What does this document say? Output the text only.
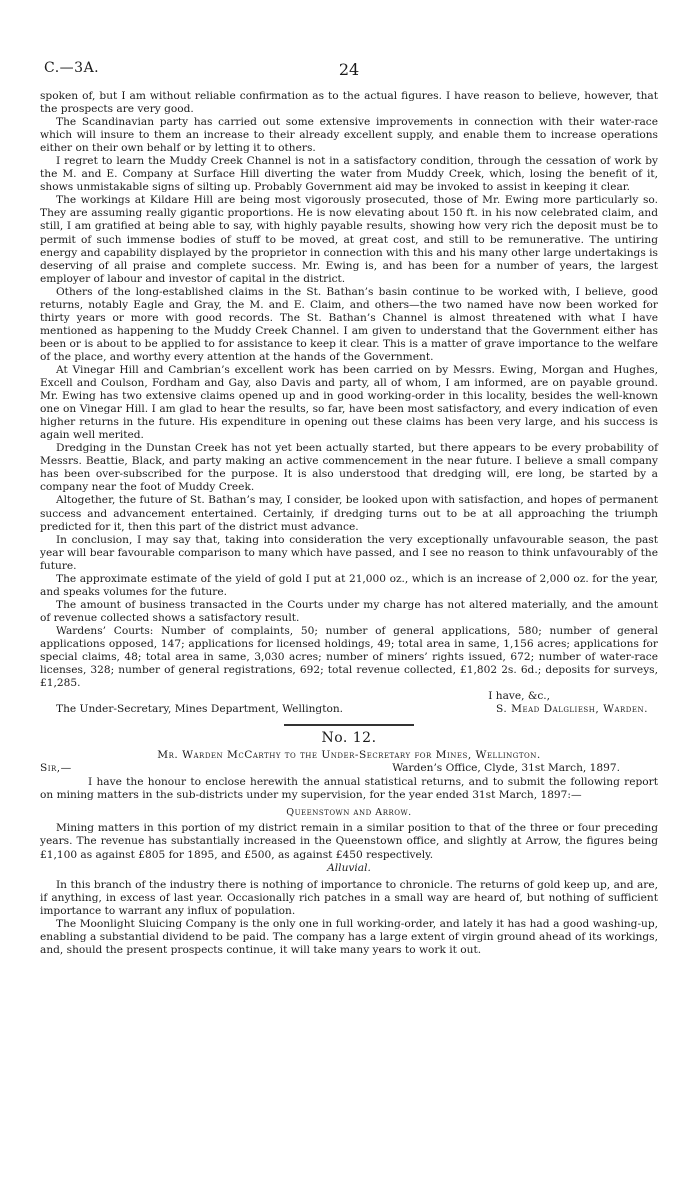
C.—3A.	24

spoken of, but I am without reliable confirmation as to the actual figures. I have reason to believe, however, that the prospects are very good.

The Scandinavian party has carried out some extensive improvements in connection with their water-race which will insure to them an increase to their already excellent supply, and enable them to increase operations either on their own behalf or by letting it to others.

I regret to learn the Muddy Creek Channel is not in a satisfactory condition, through the cessation of work by the M. and E. Company at Surface Hill diverting the water from Muddy Creek, which, losing the benefit of it, shows unmistakable signs of silting up. Probably Government aid may be invoked to assist in keeping it clear.

The workings at Kildare Hill are being most vigorously prosecuted, those of Mr. Ewing more particularly so. They are assuming really gigantic proportions. He is now elevating about 150 ft. in his now celebrated claim, and still, I am gratified at being able to say, with highly payable results, showing how very rich the deposit must be to permit of such immense bodies of stuff to be moved, at great cost, and still to be remunerative. The untiring energy and capability displayed by the proprietor in connection with this and his many other large undertakings is deserving of all praise and complete success. Mr. Ewing is, and has been for a number of years, the largest employer of labour and investor of capital in the district.

Others of the long-established claims in the St. Bathan’s basin continue to be worked with, I believe, good returns, notably Eagle and Gray, the M. and E. Claim, and others—the two named have now been worked for thirty years or more with good records. The St. Bathan’s Channel is almost threatened with what I have mentioned as happening to the Muddy Creek Channel. I am given to understand that the Government either has been or is about to be applied to for assistance to keep it clear. This is a matter of grave importance to the welfare of the place, and worthy every attention at the hands of the Government.

At Vinegar Hill and Cambrian’s excellent work has been carried on by Messrs. Ewing, Morgan and Hughes, Excell and Coulson, Fordham and Gay, also Davis and party, all of whom, I am informed, are on payable ground. Mr. Ewing has two extensive claims opened up and in good working-order in this locality, besides the well-known one on Vinegar Hill. I am glad to hear the results, so far, have been most satisfactory, and every indication of even higher returns in the future. His expenditure in opening out these claims has been very large, and his success is again well merited.

Dredging in the Dunstan Creek has not yet been actually started, but there appears to be every probability of Messrs. Beattie, Black, and party making an active commencement in the near future. I believe a small company has been over-subscribed for the purpose. It is also understood that dredging will, ere long, be started by a company near the foot of Muddy Creek.

Altogether, the future of St. Bathan’s may, I consider, be looked upon with satisfaction, and hopes of permanent success and advancement entertained. Certainly, if dredging turns out to be at all approaching the triumph predicted for it, then this part of the district must advance.

In conclusion, I may say that, taking into consideration the very exceptionally unfavourable season, the past year will bear favourable comparison to many which have passed, and I see no reason to think unfavourably of the future.

The approximate estimate of the yield of gold I put at 21,000 oz., which is an increase of 2,000 oz. for the year, and speaks volumes for the future.

The amount of business transacted in the Courts under my charge has not altered materially, and the amount of revenue collected shows a satisfactory result.

Wardens’ Courts: Number of complaints, 50; number of general applications, 580; number of general applications opposed, 147; applications for licensed holdings, 49; total area in same, 1,156 acres; applications for special claims, 48; total area in same, 3,030 acres; number of miners’ rights issued, 672; number of water-race licenses, 328; number of general registrations, 692; total revenue collected, £1,802 2s. 6d.; deposits for surveys, £1,285.

I have, &c.,
The Under-Secretary, Mines Department, Wellington.	S. Mead Dalgliesh, Warden.
No. 12.
Mr. Warden McCarthy to the Under-Secretary for Mines, Wellington.
Sir,—	Warden’s Office, Clyde, 31st March, 1897.

I have the honour to enclose herewith the annual statistical returns, and to submit the following report on mining matters in the sub-districts under my supervision, for the year ended 31st March, 1897:—

Queenstown and Arrow.

Mining matters in this portion of my district remain in a similar position to that of the three or four preceding years. The revenue has substantially increased in the Queenstown office, and slightly at Arrow, the figures being £1,100 as against £805 for 1895, and £500, as against £450 respectively.

Alluvial.

In this branch of the industry there is nothing of importance to chronicle. The returns of gold keep up, and are, if anything, in excess of last year. Occasionally rich patches in a small way are heard of, but nothing of sufficient importance to warrant any influx of population.

The Moonlight Sluicing Company is the only one in full working-order, and lately it has had a good washing-up, enabling a substantial dividend to be paid. The company has a large extent of virgin ground ahead of its workings, and, should the present prospects continue, it will take many years to work it out.
